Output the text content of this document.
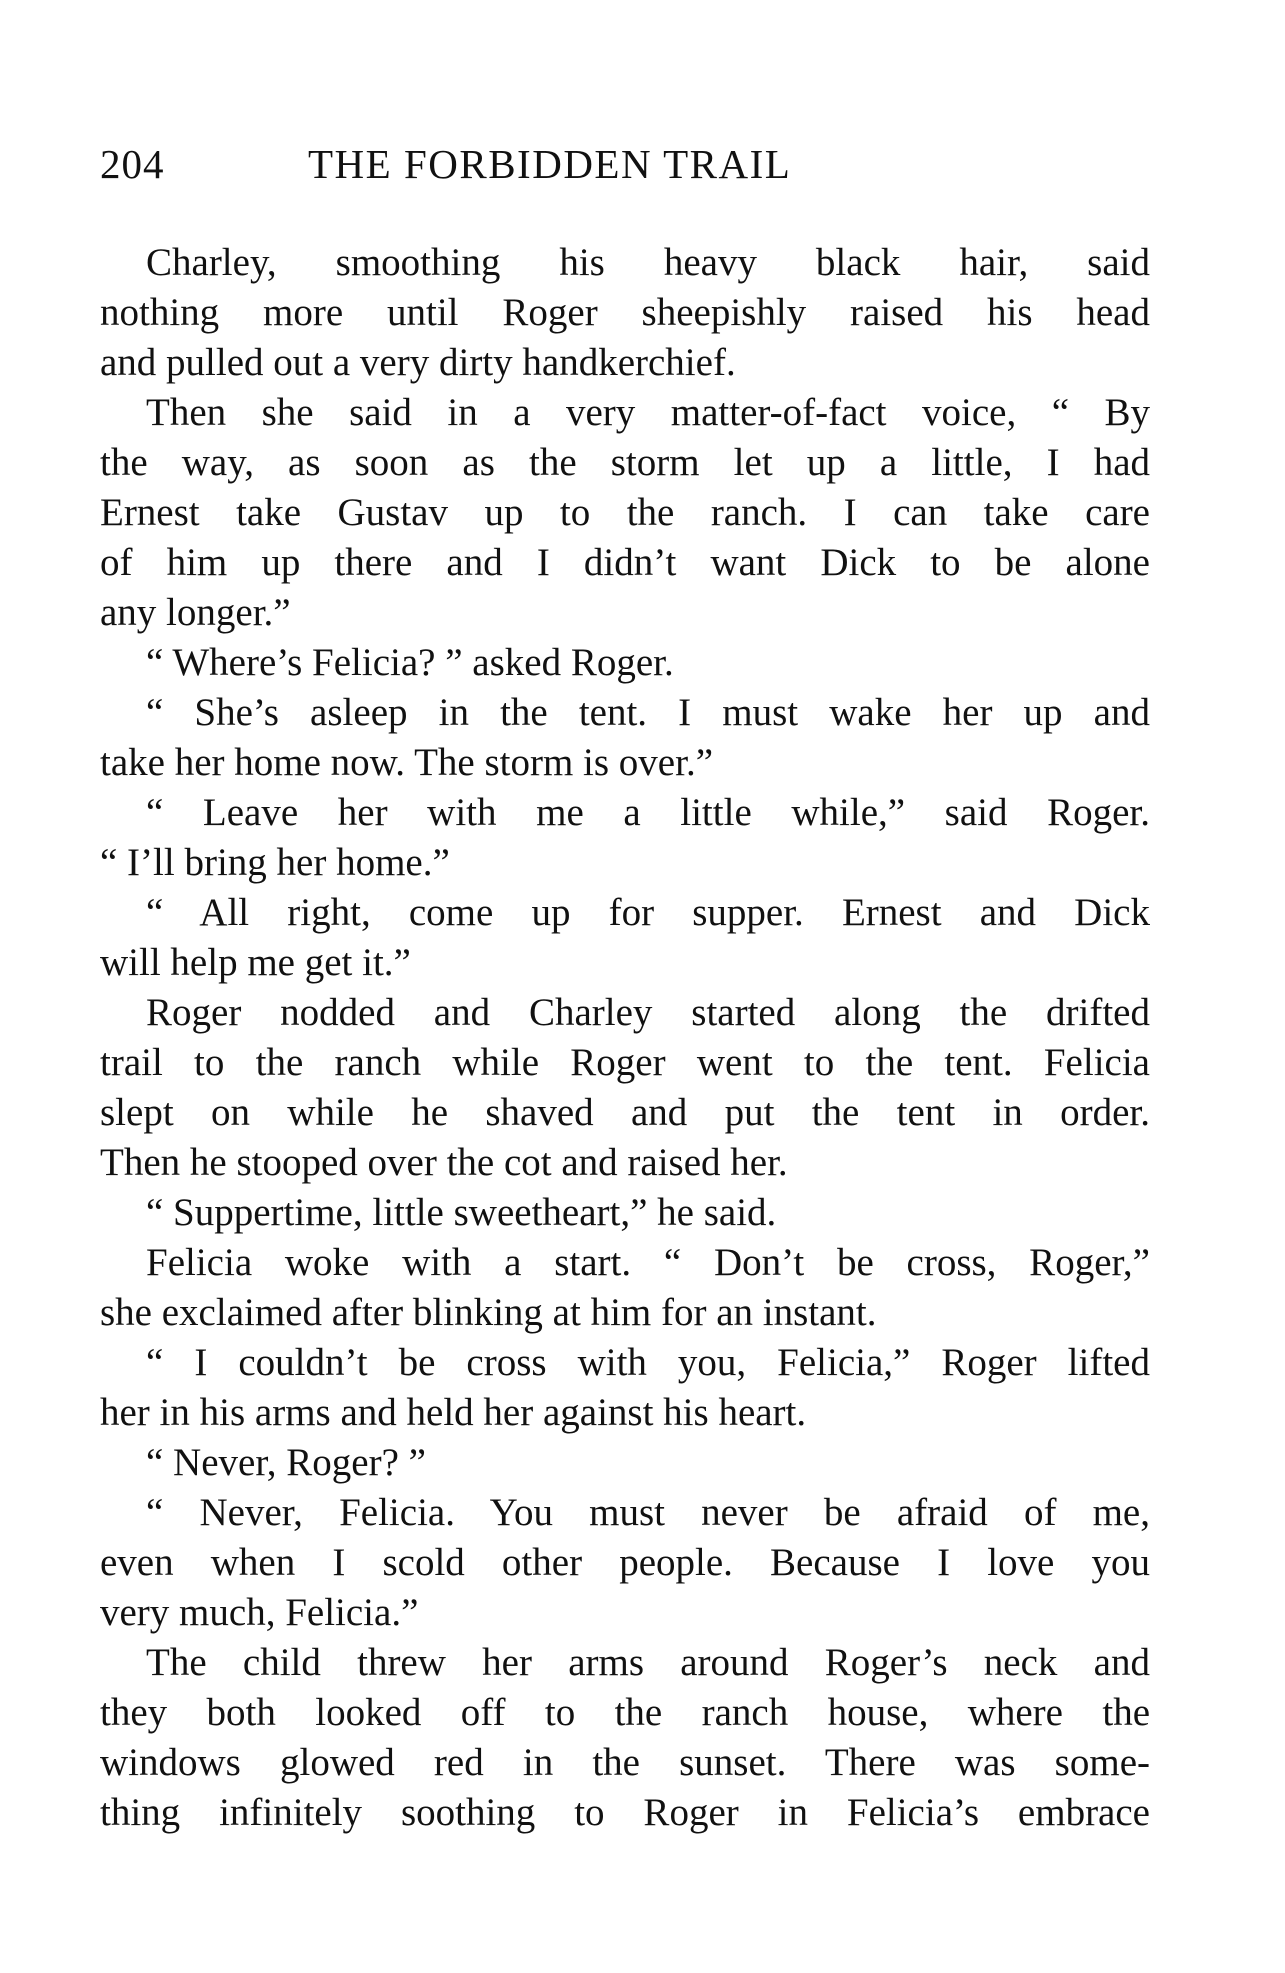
204	THE FORBIDDEN TRAIL
Charley, smoothing his heavy black hair, said
nothing more until Roger sheepishly raised his head
and pulled out a very dirty handkerchief.
Then she said in a very matter-of-fact voice, “ By
the way, as soon as the storm let up a little, I had
Ernest take Gustav up to the ranch. I can take care
of him up there and I didn’t want Dick to be alone
any longer.”
“ Where’s Felicia? ” asked Roger.
“ She’s asleep in the tent. I must wake her up and
take her home now. The storm is over.”
“ Leave her with me a little while,” said Roger.
“ I’ll bring her home.”
“ All right, come up for supper. Ernest and Dick
will help me get it.”
Roger nodded and Charley started along the drifted
trail to the ranch while Roger went to the tent. Felicia
slept on while he shaved and put the tent in order.
Then he stooped over the cot and raised her.
“ Suppertime, little sweetheart,” he said.
Felicia woke with a start. “ Don’t be cross, Roger,”
she exclaimed after blinking at him for an instant.
“ I couldn’t be cross with you, Felicia,” Roger lifted
her in his arms and held her against his heart.
“ Never, Roger? ”
“ Never, Felicia. You must never be afraid of me,
even when I scold other people. Because I love you
very much, Felicia.”
The child threw her arms around Roger’s neck and
they both looked off to the ranch house, where the
windows glowed red in the sunset. There was some-
thing infinitely soothing to Roger in Felicia’s embrace
